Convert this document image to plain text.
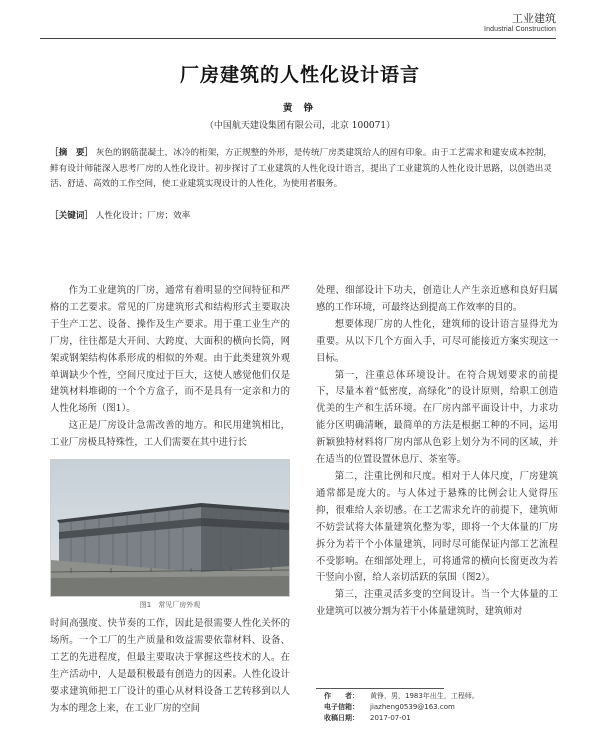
工业建筑
Industrial Construction
厂房建筑的人性化设计语言
黄 铮
（中国航天建设集团有限公司，北京 100071）
［摘　要］ 灰色的钢筋混凝土，冰冷的桁架，方正规整的外形，是传统厂房类建筑给人的固有印象。由于工艺需求和建安成本控制，鲜有设计师能深入思考厂房的人性化设计。初步探讨了工业建筑的人性化设计语言，提出了工业建筑的人性化设计思路，以创造出灵活、舒适、高效的工作空间，使工业建筑实现设计的人性化，为使用者服务。
［关键词］ 人性化设计；厂房；效率

作为工业建筑的厂房，通常有着明显的空间特征和严格的工艺要求。常见的厂房建筑形式和结构形式主要取决于生产工艺、设备、操作及生产要求。用于重工业生产的厂房，往往都是大开间、大跨度、大面积的横向长筒，网架或钢架结构体系形成的相似的外观。由于此类建筑外观单调缺少个性，空间尺度过于巨大，这使人感觉他们仅是建筑材料堆砌的一个个方盒子，而不是具有一定亲和力的人性化场所（图1）。

这正是厂房设计急需改善的地方。和民用建筑相比，工业厂房极具特殊性，工人们需要在其中进行长

图1　常见厂房外观

时间高强度、快节奏的工作，因此是很需要人性化关怀的场所。一个工厂的生产质量和效益需要依靠材料、设备、工艺的先进程度，但最主要取决于掌握这些技术的人。在生产活动中，人是最积极最有创造力的因素。人性化设计要求建筑师把工厂设计的重心从材料设备工艺转移到以人为本的理念上来，在工业厂房的空间

处理、细部设计下功夫，创造让人产生亲近感和良好归属感的工作环境，可最终达到提高工作效率的目的。

想要体现厂房的人性化，建筑师的设计语言显得尤为重要。从以下几个方面入手，可尽可能接近方案实现这一目标。

第一，注重总体环境设计。在符合规划要求的前提下，尽量本着“低密度，高绿化”的设计原则，给职工创造优美的生产和生活环境。在厂房内部平面设计中，力求功能分区明确清晰，最简单的方法是根据工种的不同，运用新颖独特材料将厂房内部从色彩上划分为不同的区域，并在适当的位置设置休息厅、茶室等。

第二，注重比例和尺度。相对于人体尺度，厂房建筑通常都是庞大的。与人体过于悬殊的比例会让人觉得压抑，很难给人亲切感。在工艺需求允许的前提下，建筑师不妨尝试将大体量建筑化整为零，即将一个大体量的厂房拆分为若干个小体量建筑，同时尽可能保证内部工艺流程不受影响。在细部处理上，可将通常的横向长窗更改为若干竖向小窗，给人亲切活跃的氛围（图2）。

第三，注重灵活多变的空间设计。当一个大体量的工业建筑可以被分割为若干小体量建筑时，建筑师对

作　　者： 黄铮，男，1983年出生，工程师。
电子信箱： jiazheng0539@163.com
收稿日期： 2017-07-01
